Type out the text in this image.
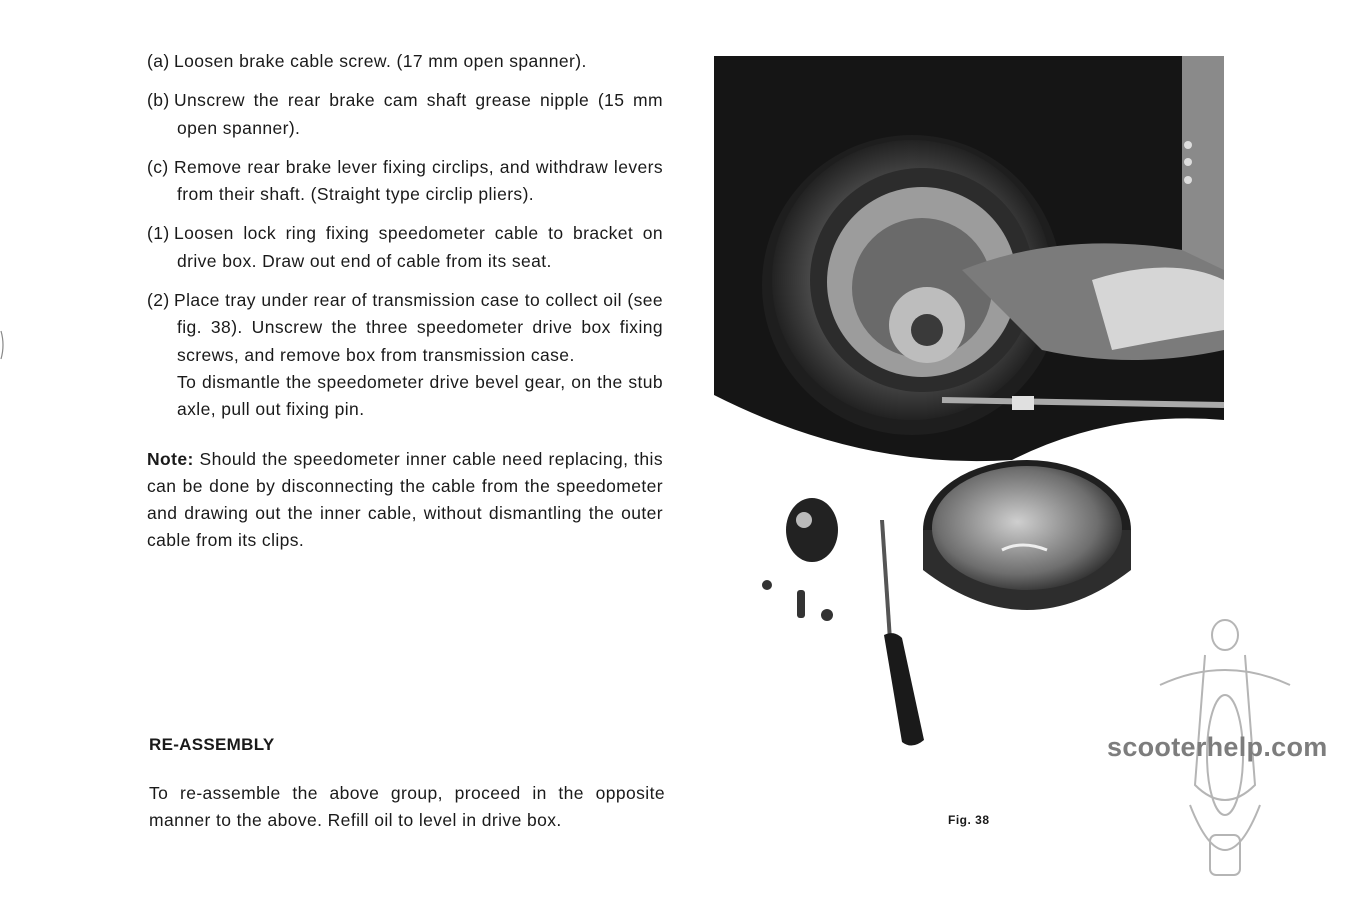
(a) Loosen brake cable screw. (17 mm open spanner).

(b) Unscrew the rear brake cam shaft grease nipple (15 mm open spanner).

(c) Remove rear brake lever fixing circlips, and withdraw levers from their shaft. (Straight type circlip pliers).

(1) Loosen lock ring fixing speedometer cable to bracket on drive box. Draw out end of cable from its seat.

(2) Place tray under rear of transmission case to collect oil (see fig. 38). Unscrew the three speedometer drive box fixing screws, and remove box from transmission case.
To dismantle the speedometer drive bevel gear, on the stub axle, pull out fixing pin.

Note: Should the speedometer inner cable need replacing, this can be done by disconnecting the cable from the speedometer and drawing out the inner cable, without dismantling the outer cable from its clips.

RE-ASSEMBLY
To re-assemble the above group, proceed in the opposite manner to the above. Refill oil to level in drive box.	Fig. 38
scooterhelp.com
